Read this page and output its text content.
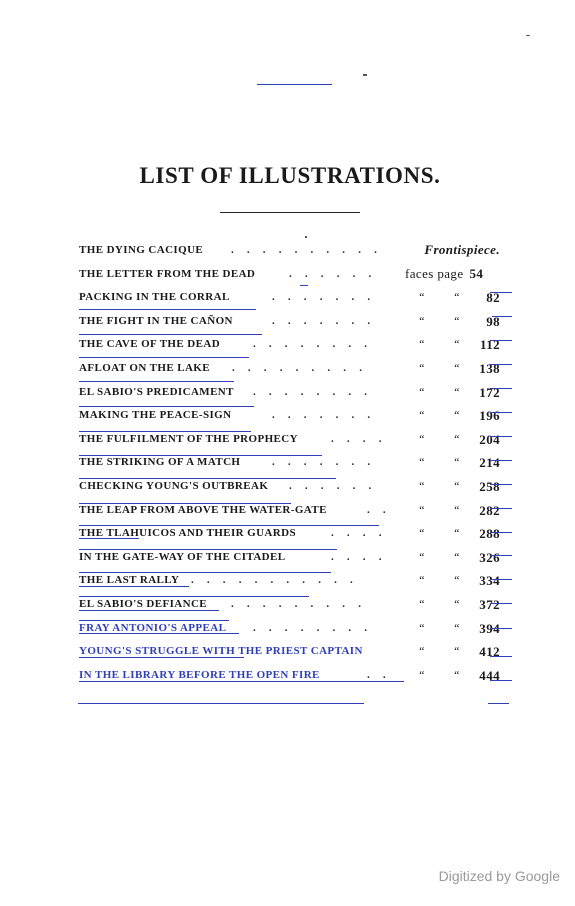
LIST OF ILLUSTRATIONS.
THE DYING CACIQUE	. . . . . . . . . .	Frontispiece.
THE LETTER FROM THE DEAD	. . . . . . faces page 54
PACKING IN THE CORRAL	. . . . . . .	“ “ 82
THE FIGHT IN THE CAÑON	. . . . . . .	“ “ 98
THE CAVE OF THE DEAD	. . . . . . . .	“ “ 112
AFLOAT ON THE LAKE . . . . . . . . .	“ “ 138
EL SABIO'S PREDICAMENT . . . . . . . .	“ “ 172
MAKING THE PEACE-SIGN	. . . . . . .	“ “ 196
THE FULFILMENT OF THE PROPHECY	. . . .	“ “ 204
THE STRIKING OF A MATCH	. . . . . . .	“ “ 214
CHECKING YOUNG'S OUTBREAK . . . . . .	“ “ 258
THE LEAP FROM ABOVE THE WATER-GATE	. . “ “ 282
THE TLAHUICOS AND THEIR GUARDS	. . . .	“ “ 288
IN THE GATE-WAY OF THE CITADEL	. . . .	“ “ 326
THE LAST RALLY . . . . . . . . . . .	“ “ 334
EL SABIO'S DEFIANCE . . . . . . . . .	“ “ 372
FRAY ANTONIO'S APPEAL . . . . . . . .	“ “ 394
YOUNG'S STRUGGLE WITH THE PRIEST CAPTAIN	“ “ 412
IN THE LIBRARY BEFORE THE OPEN FIRE	. . “ “ 444
Digitized by Google
